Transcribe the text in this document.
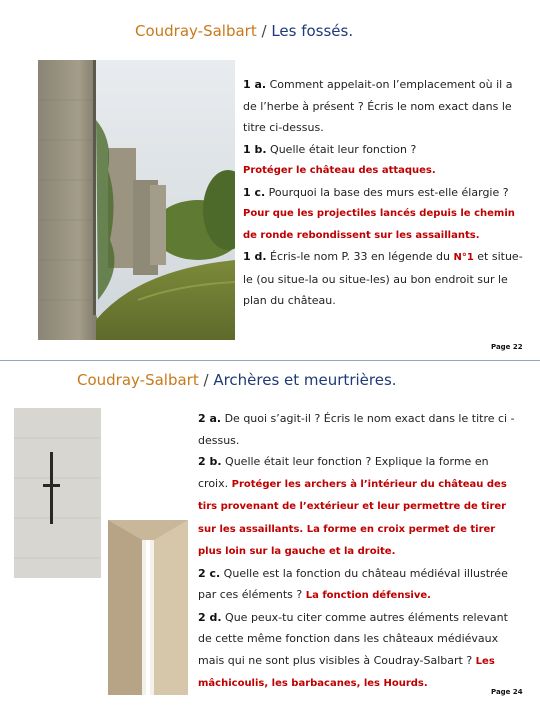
Coudray-Salbart / Les fossés.
1 a. Comment appelait-on l’emplacement où il a de l’herbe à présent ? Écris le nom exact dans le titre ci-dessus.
1 b. Quelle était leur fonction ?
Protéger le château des attaques.
1 c. Pourquoi la base des murs est-elle élargie ?
Pour que les projectiles lancés depuis le chemin de ronde rebondissent sur les assaillants.
1 d. Écris-le nom P. 33 en légende du N°1 et situe-le (ou situe-la ou situe-les) au bon endroit sur le plan du château.
Page 22
Coudray-Salbart / Archères et meurtrières.
2 a. De quoi s’agit-il ? Écris le nom exact dans le titre ci -dessus.
2 b. Quelle était leur fonction ? Explique la forme en croix. Protéger les archers à l’intérieur du château des tirs provenant de l’extérieur et leur permettre de tirer sur les assaillants. La forme en croix permet de tirer plus loin sur la gauche et la droite.
2 c. Quelle est la fonction du château médiéval illustrée par ces éléments ? La fonction défensive.
2 d. Que peux-tu citer comme autres éléments relevant de cette même fonction dans les châteaux médiévaux mais qui ne sont plus visibles à Coudray-Salbart ? Les mâchicoulis, les barbacanes, les Hourds.
Page 24
